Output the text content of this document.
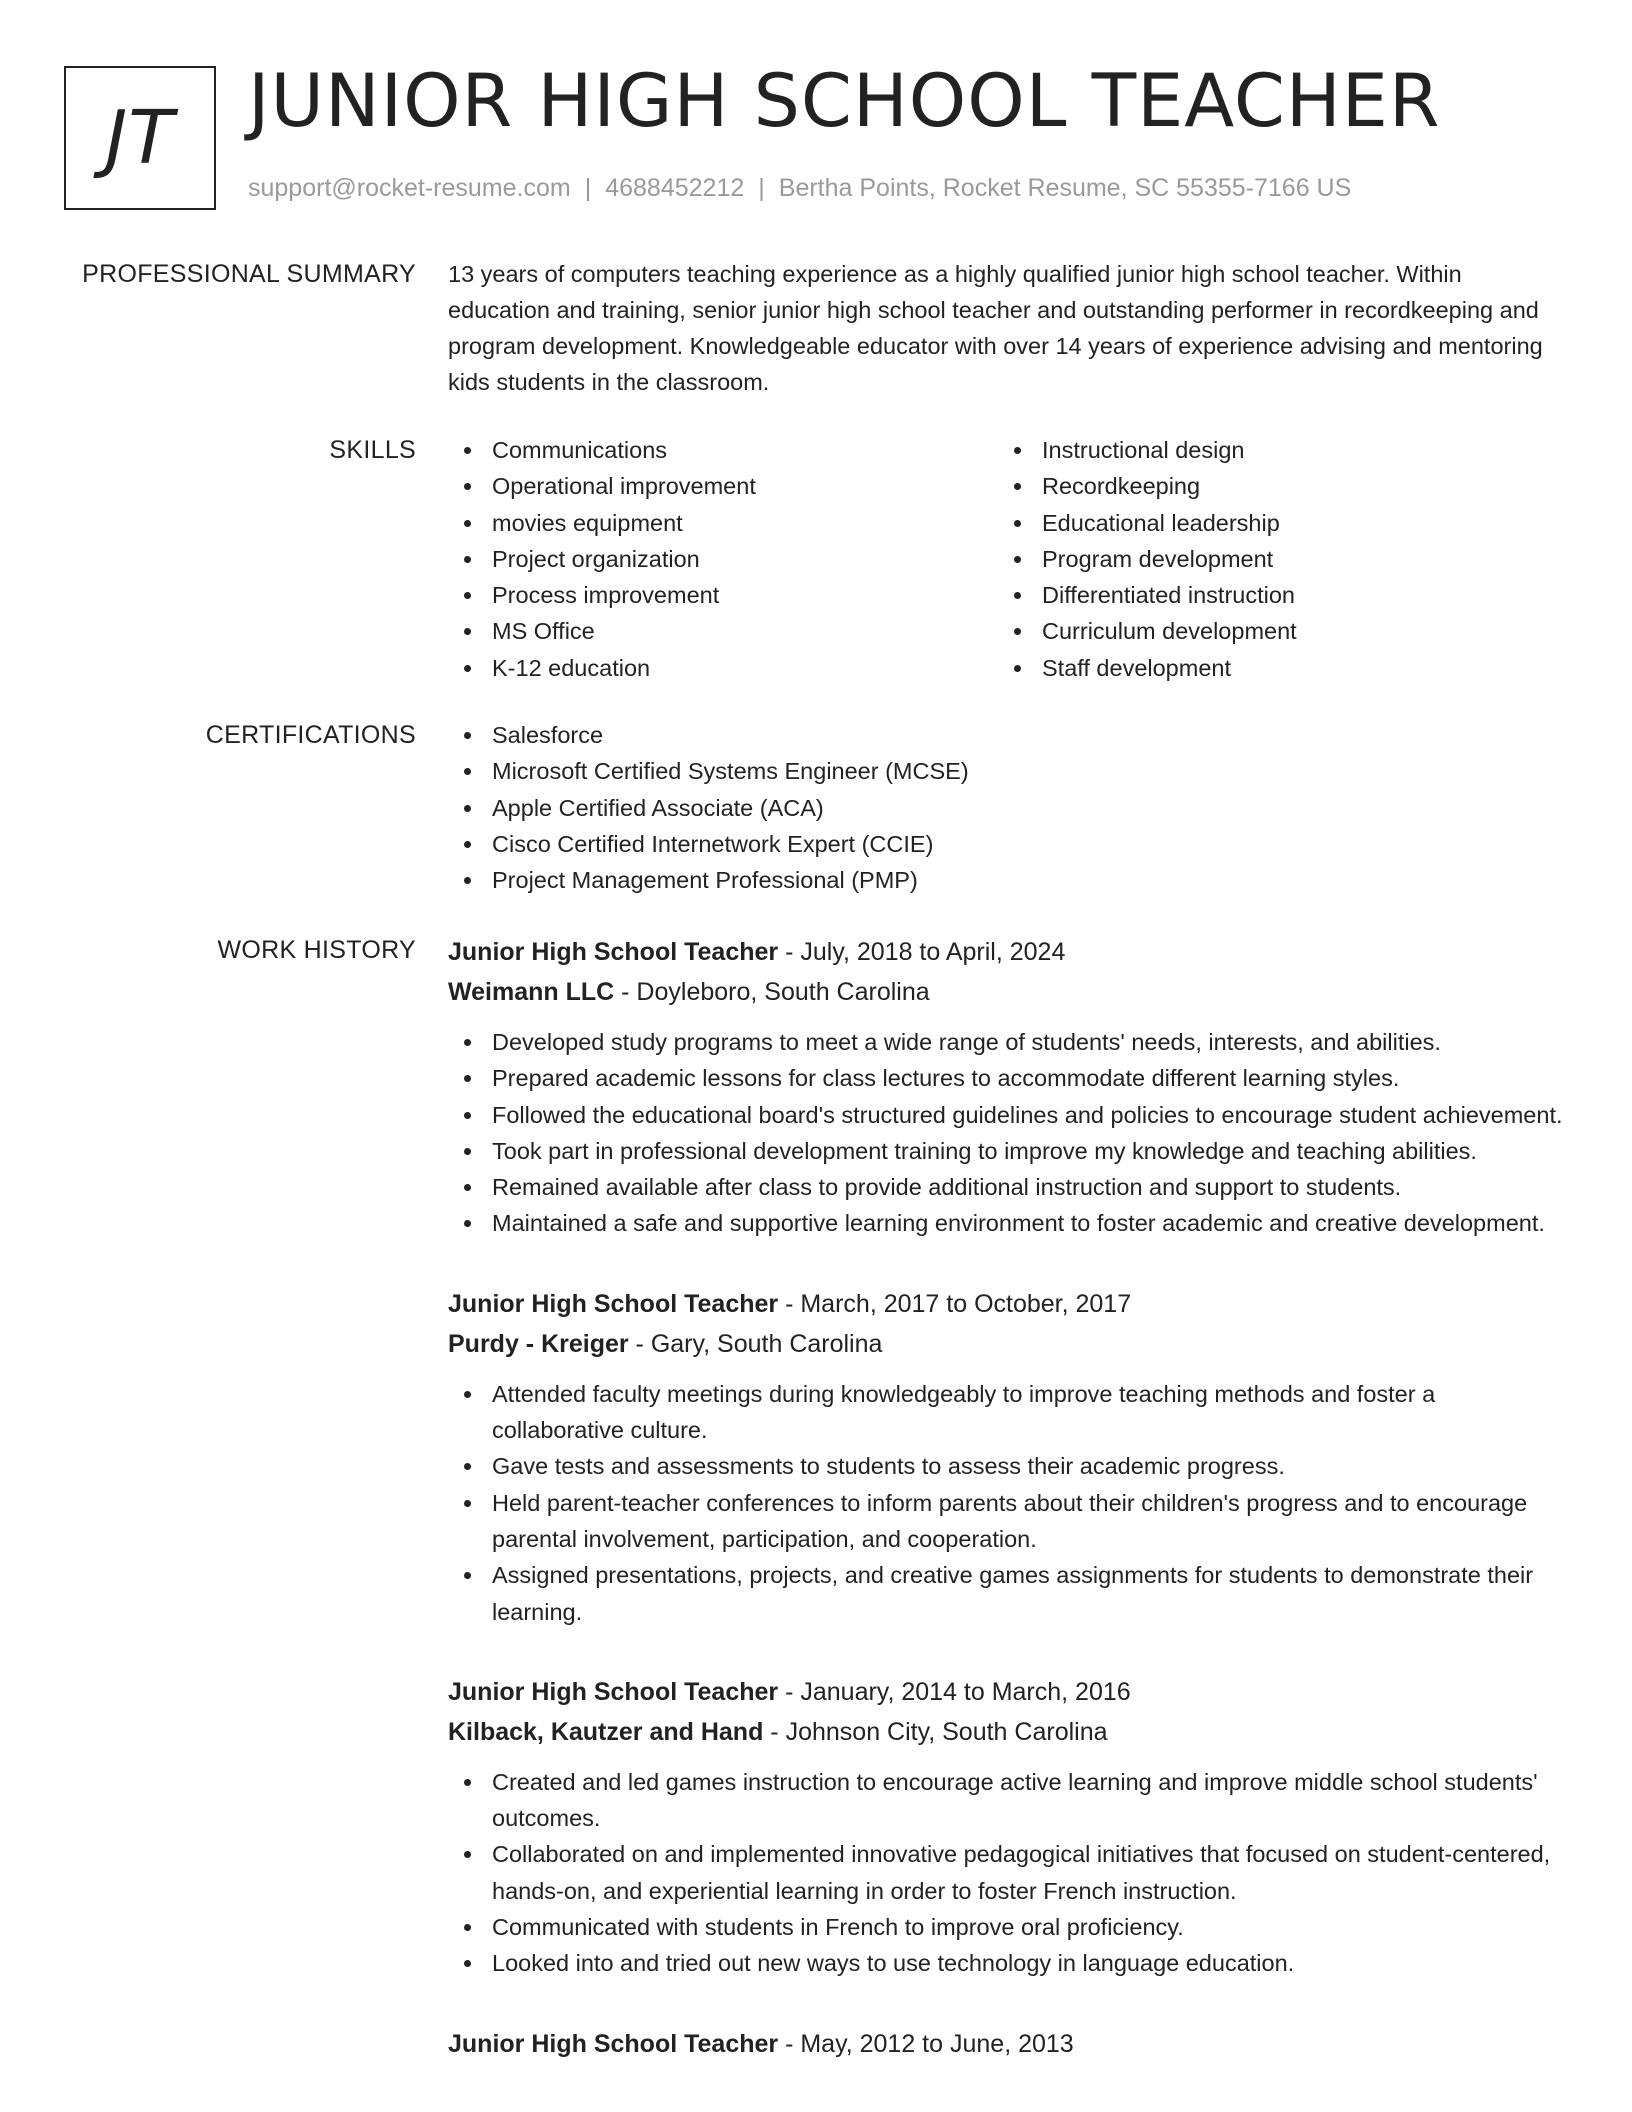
JT	JUNIOR HIGH SCHOOL TEACHER
support@rocket-resume.com | 4688452212 | Bertha Points, Rocket Resume, SC 55355-7166 US
PROFESSIONAL SUMMARY 13 years of computers teaching experience as a highly qualified junior high school teacher. Within education and training, senior junior high school teacher and outstanding performer in recordkeeping and program development. Knowledgeable educator with over 14 years of experience advising and mentoring kids students in the classroom.
SKILLS	Communications
Operational improvement
movies equipment
Project organization
Process improvement
MS Office
K-12 education
Instructional design
Recordkeeping
Educational leadership
Program development
Differentiated instruction
Curriculum development
Staff development
CERTIFICATIONS	Salesforce
Microsoft Certified Systems Engineer (MCSE)
Apple Certified Associate (ACA)
Cisco Certified Internetwork Expert (CCIE)
Project Management Professional (PMP)
WORK HISTORY Junior High School Teacher - July, 2018 to April, 2024
Weimann LLC - Doyleboro, South Carolina
Developed study programs to meet a wide range of students' needs, interests, and abilities.
Prepared academic lessons for class lectures to accommodate different learning styles.
Followed the educational board's structured guidelines and policies to encourage student achievement.
Took part in professional development training to improve my knowledge and teaching abilities.
Remained available after class to provide additional instruction and support to students.
Maintained a safe and supportive learning environment to foster academic and creative development.
Junior High School Teacher - March, 2017 to October, 2017
Purdy - Kreiger - Gary, South Carolina
Attended faculty meetings during knowledgeably to improve teaching methods and foster a collaborative culture.
Gave tests and assessments to students to assess their academic progress.
Held parent-teacher conferences to inform parents about their children's progress and to encourage parental involvement, participation, and cooperation.
Assigned presentations, projects, and creative games assignments for students to demonstrate their learning.
Junior High School Teacher - January, 2014 to March, 2016
Kilback, Kautzer and Hand - Johnson City, South Carolina
Created and led games instruction to encourage active learning and improve middle school students' outcomes.
Collaborated on and implemented innovative pedagogical initiatives that focused on student-centered, hands-on, and experiential learning in order to foster French instruction.
Communicated with students in French to improve oral proficiency.
Looked into and tried out new ways to use technology in language education.
Junior High School Teacher - May, 2012 to June, 2013
